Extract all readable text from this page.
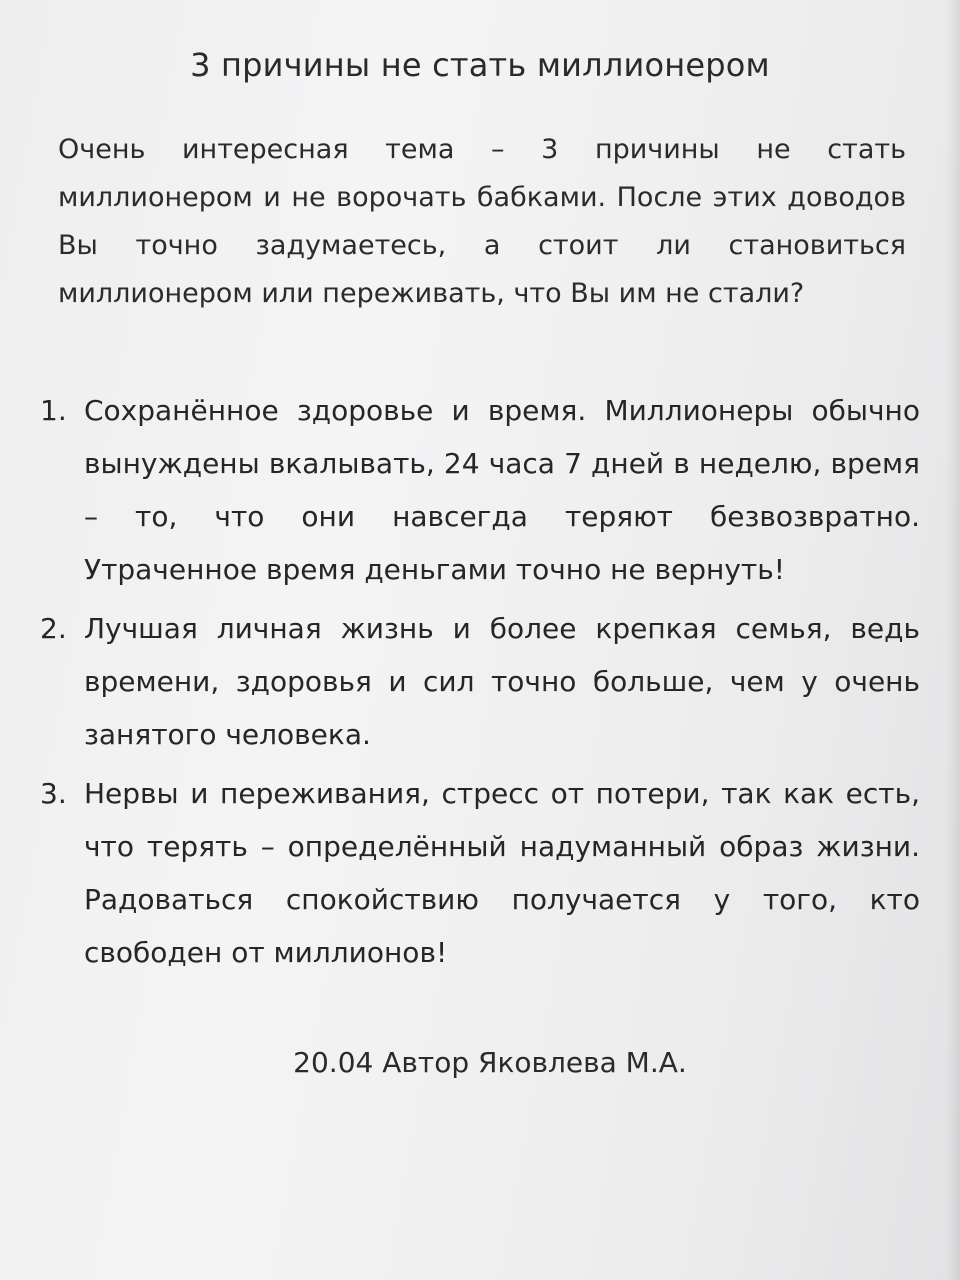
3 причины не стать миллионером

Очень интересная тема – 3 причины не стать миллионером и не ворочать бабками. После этих доводов Вы точно задумаетесь, а стоит ли становиться миллионером или переживать, что Вы им не стали?

1. Сохранённое здоровье и время. Миллионеры обычно вынуждены вкалывать, 24 часа 7 дней в неделю, время – то, что они навсегда теряют безвозвратно. Утраченное время деньгами точно не вернуть!
2. Лучшая личная жизнь и более крепкая семья, ведь времени, здоровья и сил точно больше, чем у очень занятого человека.
3. Нервы и переживания, стресс от потери, так как есть, что терять – определённый надуманный образ жизни. Радоваться спокойствию получается у того, кто свободен от миллионов!
20.04 Автор Яковлева М.А.
